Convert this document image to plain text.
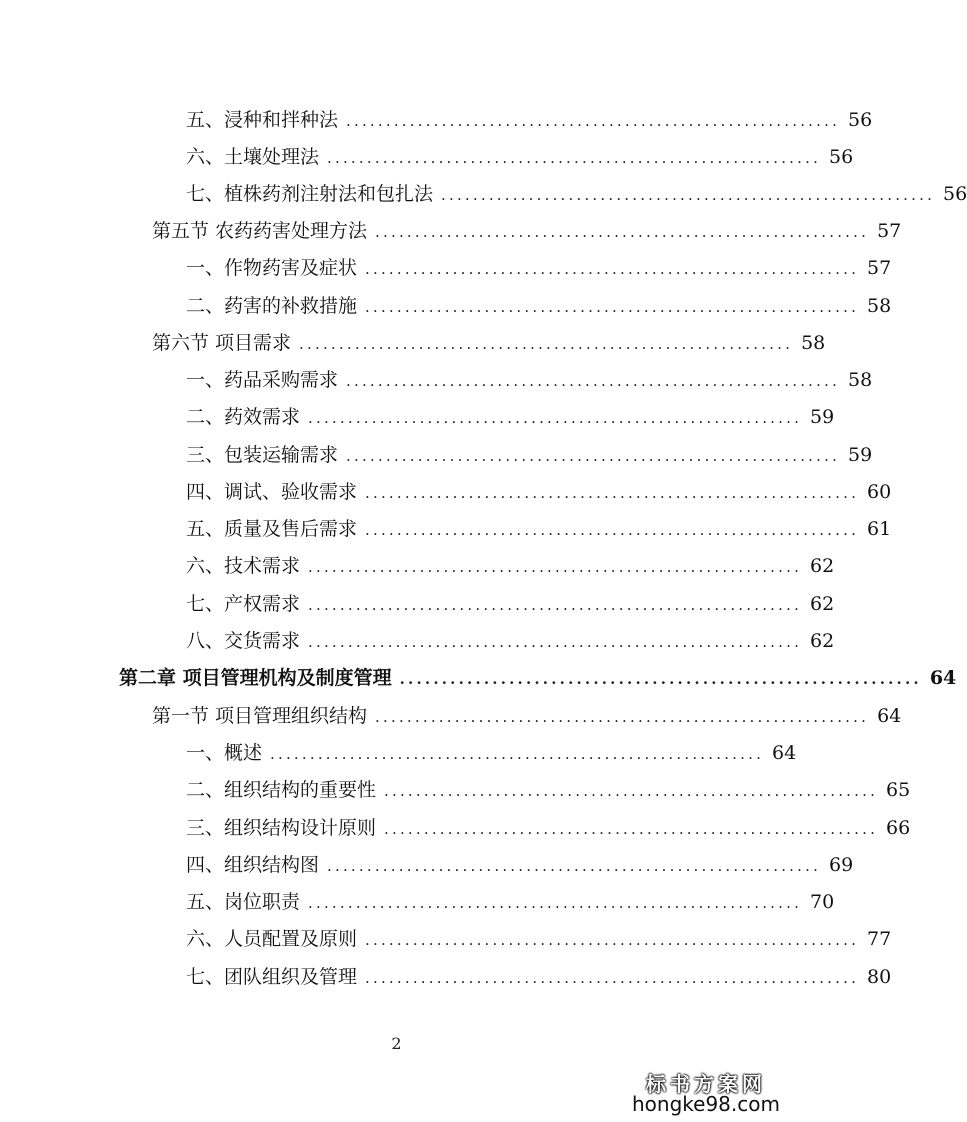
五、浸种和拌种法 .............................................................. 56
六、土壤处理法 .............................................................. 56
七、植株药剂注射法和包扎法 .............................................................. 56
第五节 农药药害处理方法 .............................................................. 57
一、作物药害及症状 .............................................................. 57
二、药害的补救措施 .............................................................. 58
第六节 项目需求 .............................................................. 58
一、药品采购需求 .............................................................. 58
二、药效需求 .............................................................. 59
三、包装运输需求 .............................................................. 59
四、调试、验收需求 .............................................................. 60
五、质量及售后需求 .............................................................. 61
六、技术需求 .............................................................. 62
七、产权需求 .............................................................. 62
八、交货需求 .............................................................. 62
第二章 项目管理机构及制度管理 .............................................................. 64
第一节 项目管理组织结构 .............................................................. 64
一、概述 .............................................................. 64
二、组织结构的重要性 .............................................................. 65
三、组织结构设计原则 .............................................................. 66
四、组织结构图 .............................................................. 69
五、岗位职责 .............................................................. 70
六、人员配置及原则 .............................................................. 77
七、团队组织及管理 .............................................................. 80
2
标书方案网
hongke98.com
